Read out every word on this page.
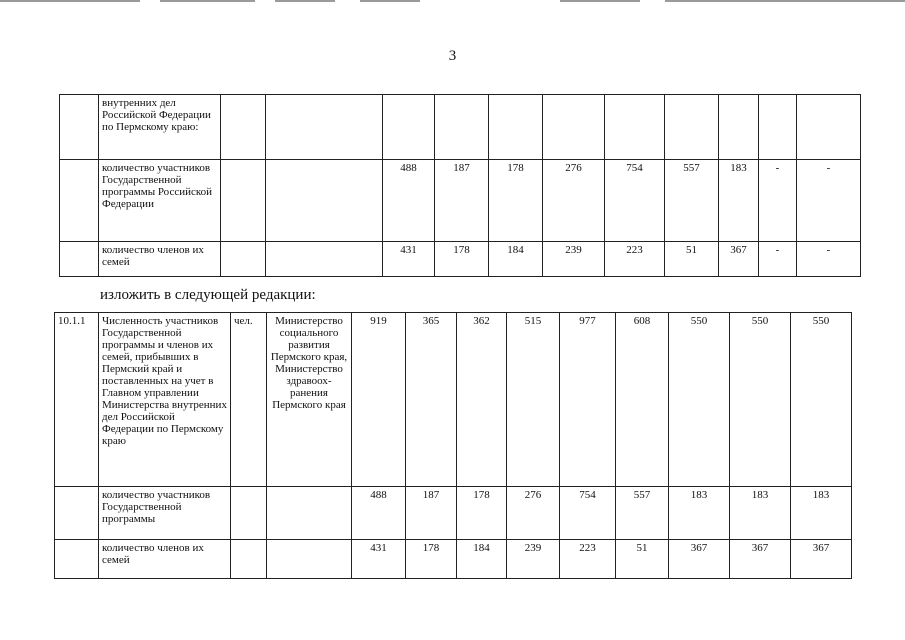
3
	внутренних дел Российской Федерации по Пермскому краю:											
	количество участников Государственной программы Российской Федерации			488	187	178	276	754	557	183	-	-
	количество членов их семей			431	178	184	239	223	51	367	-	-
изложить в следующей редакции:
10.1.1	Численность участников Государственной программы и членов их семей, прибывших в Пермский край и поставленных на учет в Главном управлении Министерства внутренних дел Российской Федерации по Пермскому краю	чел.	Министерство социального развития Пермского края, Министерство здравоох-ранения Пермского края	919	365	362	515	977	608	550	550	550
	количество участников Государственной программы			488	187	178	276	754	557	183	183	183
	количество членов их семей			431	178	184	239	223	51	367	367	367
